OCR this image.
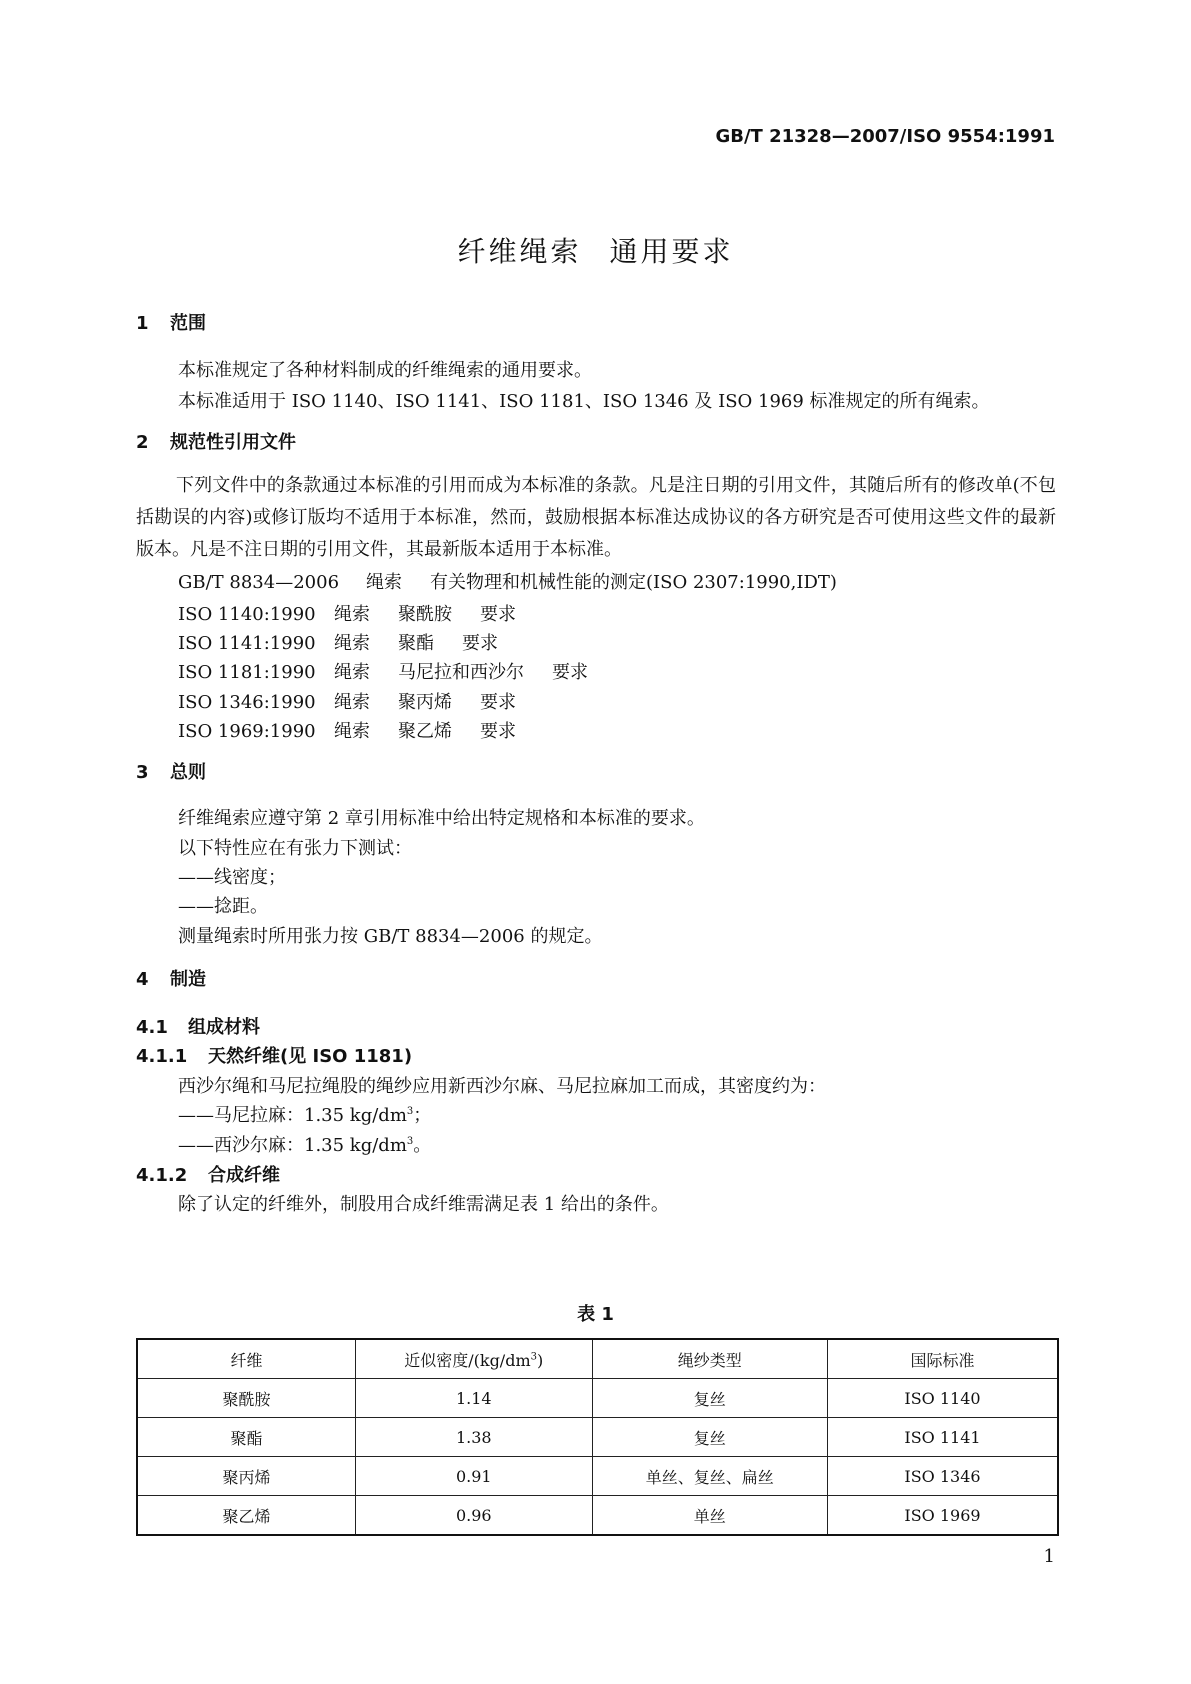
GB/T 21328—2007/ISO 9554:1991
纤维绳索 通用要求
1 范围
本标准规定了各种材料制成的纤维绳索的通用要求。
本标准适用于 ISO 1140、ISO 1141、ISO 1181、ISO 1346 及 ISO 1969 标准规定的所有绳索。
2 规范性引用文件
下列文件中的条款通过本标准的引用而成为本标准的条款。凡是注日期的引用文件，其随后所有的修改单(不包括勘误的内容)或修订版均不适用于本标准，然而，鼓励根据本标准达成协议的各方研究是否可使用这些文件的最新版本。凡是不注日期的引用文件，其最新版本适用于本标准。
GB/T 8834—2006 绳索 有关物理和机械性能的测定(ISO 2307:1990,IDT)
ISO 1140:1990 绳索 聚酰胺 要求
ISO 1141:1990 绳索 聚酯 要求
ISO 1181:1990 绳索 马尼拉和西沙尔 要求
ISO 1346:1990 绳索 聚丙烯 要求
ISO 1969:1990 绳索 聚乙烯 要求
3 总则
纤维绳索应遵守第 2 章引用标准中给出特定规格和本标准的要求。
以下特性应在有张力下测试：
——线密度；
——捻距。
测量绳索时所用张力按 GB/T 8834—2006 的规定。
4 制造
4.1 组成材料
4.1.1 天然纤维(见 ISO 1181)
西沙尔绳和马尼拉绳股的绳纱应用新西沙尔麻、马尼拉麻加工而成，其密度约为：
——马尼拉麻：1.35 $kg/dm^3$；
——西沙尔麻：1.35 $kg/dm^3$。
4.1.2 合成纤维
除了认定的纤维外，制股用合成纤维需满足表 1 给出的条件。
表 1
纤维	近似密度$/(kg/dm^3)$	绳纱类型	国际标准
聚酰胺	1.14	复丝	ISO 1140
聚酯	1.38	复丝	ISO 1141
聚丙烯	0.91	单丝、复丝、扁丝	ISO 1346
聚乙烯	0.96	单丝	ISO 1969
1
